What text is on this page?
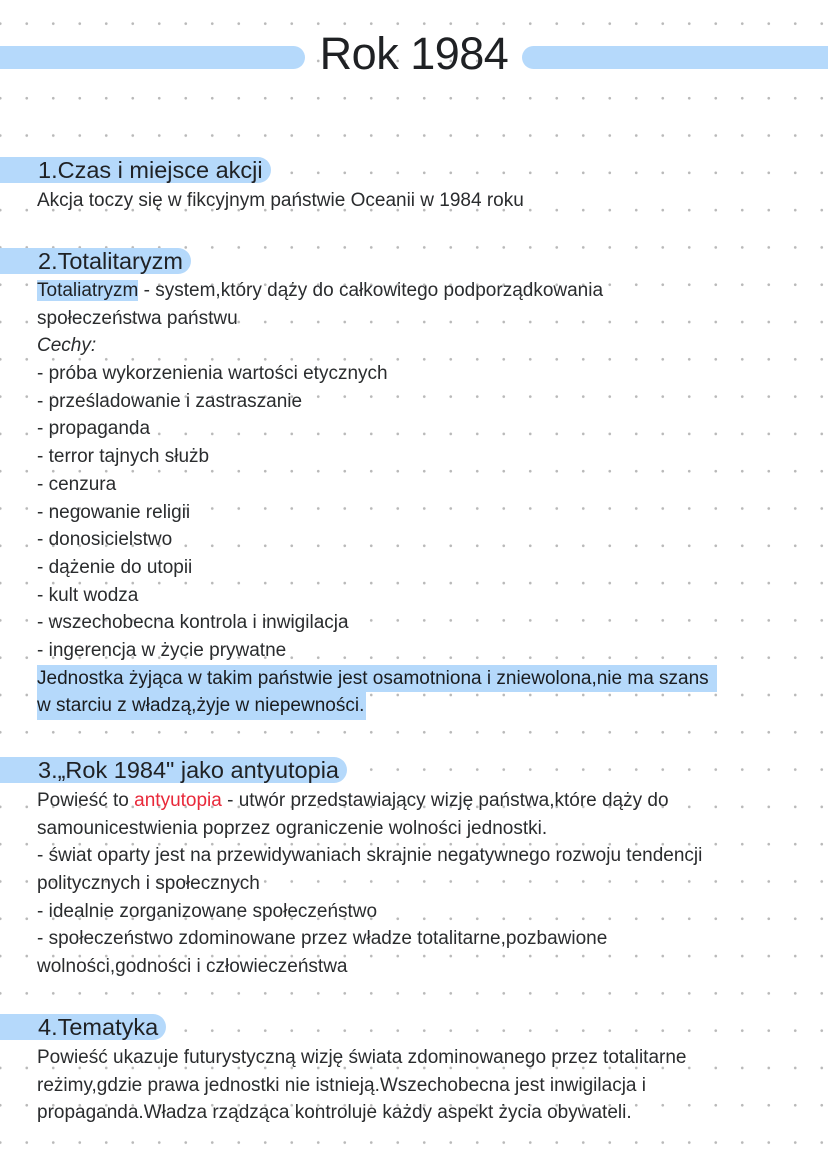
Rok 1984
1.Czas i miejsce akcji
Akcja toczy się w fikcyjnym państwie Oceanii w 1984 roku
2.Totalitaryzm
Totaliatryzm - system,który dąży do całkowitego podporządkowania
społeczeństwa państwu
Cechy:
- próba wykorzenienia wartości etycznych
- prześladowanie i zastraszanie
- propaganda
- terror tajnych służb
- cenzura
- negowanie religii
- donosicielstwo
- dążenie do utopii
- kult wodza
- wszechobecna kontrola i inwigilacja
- ingerencja w życie prywatne
Jednostka żyjąca w takim państwie jest osamotniona i zniewolona,nie ma szans
w starciu z władzą,żyje w niepewności.
3.„Rok 1984" jako antyutopia
Powieść to antyutopia - utwór przedstawiający wizję państwa,które dąży do
samounicestwienia poprzez ograniczenie wolności jednostki.
- świat oparty jest na przewidywaniach skrajnie negatywnego rozwoju tendencji
politycznych i społecznych
- idealnie zorganizowane społeczeństwo
- społeczeństwo zdominowane przez władze totalitarne,pozbawione
wolności,godności i człowieczeństwa
4.Tematyka
Powieść ukazuje futurystyczną wizję świata zdominowanego przez totalitarne
reżimy,gdzie prawa jednostki nie istnieją.Wszechobecna jest inwigilacja i
propaganda.Władza rządząca kontroluje każdy aspekt życia obywateli.
